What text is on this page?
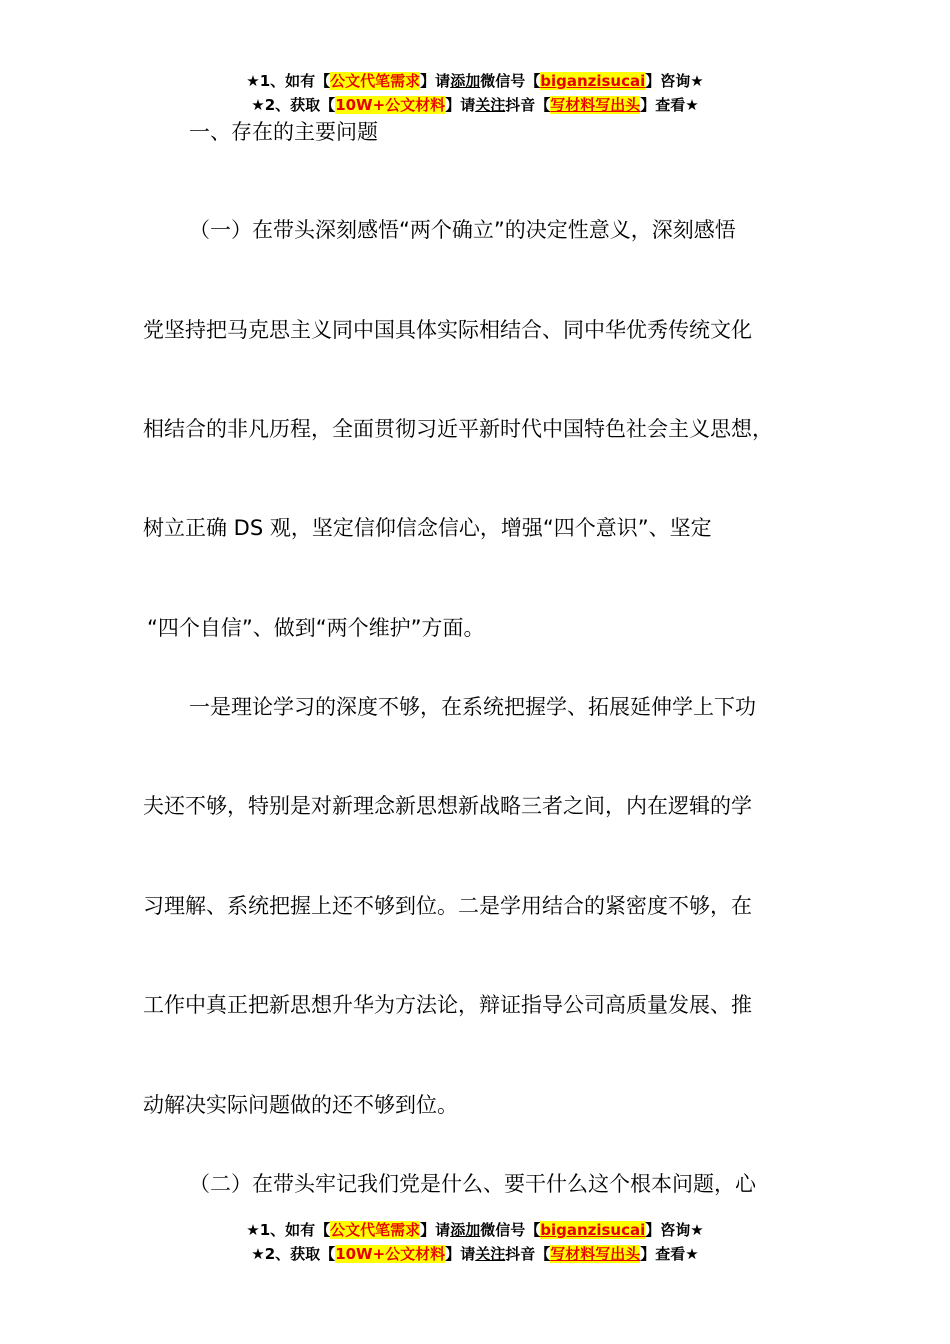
★1、如有【公文代笔需求】请添加微信号【biganzisucai】咨询★
★2、获取【10W+公文材料】请关注抖音【写材料写出头】查看★
一、存在的主要问题
（一）在带头深刻感悟“两个确立”的决定性意义，深刻感悟
党坚持把马克思主义同中国具体实际相结合、同中华优秀传统文化
相结合的非凡历程，全面贯彻习近平新时代中国特色社会主义思想，
树立正确 DS 观，坚定信仰信念信心，增强“四个意识”、坚定
“四个自信”、做到“两个维护”方面。
一是理论学习的深度不够，在系统把握学、拓展延伸学上下功
夫还不够，特别是对新理念新思想新战略三者之间，内在逻辑的学
习理解、系统把握上还不够到位。二是学用结合的紧密度不够，在
工作中真正把新思想升华为方法论，辩证指导公司高质量发展、推
动解决实际问题做的还不够到位。
（二）在带头牢记我们党是什么、要干什么这个根本问题，心
★1、如有【公文代笔需求】请添加微信号【biganzisucai】咨询★
★2、获取【10W+公文材料】请关注抖音【写材料写出头】查看★
